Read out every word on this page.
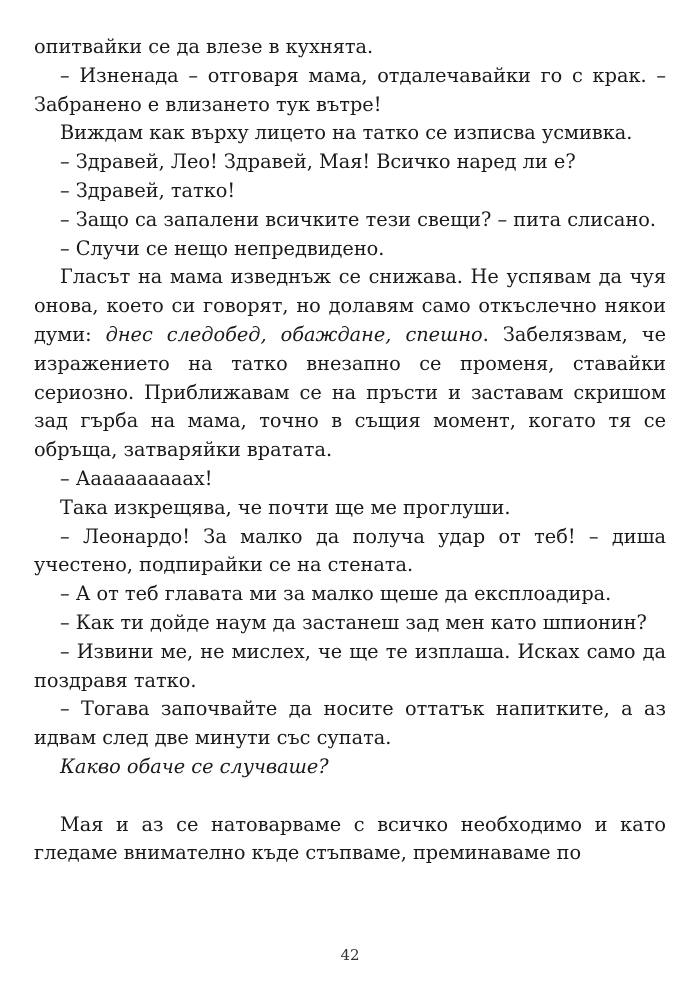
опитвайки се да влезе в кухнята.

– Изненада – отговаря мама, отдалечавайки го с крак. – Забранено е влизането тук вътре!

Виждам как върху лицето на татко се изписва усмивка.

– Здравей, Лео! Здравей, Мая! Всичко наред ли е?

– Здравей, татко!

– Защо са запалени всичките тези свещи? – пита слисано.

– Случи се нещо непредвидено.

Гласът на мама изведнъж се снижава. Не успявам да чуя онова, което си говорят, но долавям само откъслечно някои думи: днес следобед, обаждане, спешно. Забелязвам, че изражението на татко внезапно се променя, ставайки сериозно. Приближавам се на пръсти и заставам скришом зад гърба на мама, точно в същия момент, когато тя се обръща, затваряйки вратата.

– Аааааааааах!

Така изкрещява, че почти ще ме проглуши.

– Леонардо! За малко да получа удар от теб! – диша учестено, подпирайки се на стената.

– А от теб главата ми за малко щеше да експлоадира.

– Как ти дойде наум да застанеш зад мен като шпионин?

– Извини ме, не мислех, че ще те изплаша. Исках само да поздравя татко.

– Тогава започвайте да носите оттатък напитките, а аз идвам след две минути със супата.

Какво обаче се случваше?

Мая и аз се натоварваме с всичко необходимо и като гледаме внимателно къде стъпваме, преминаваме по

42
